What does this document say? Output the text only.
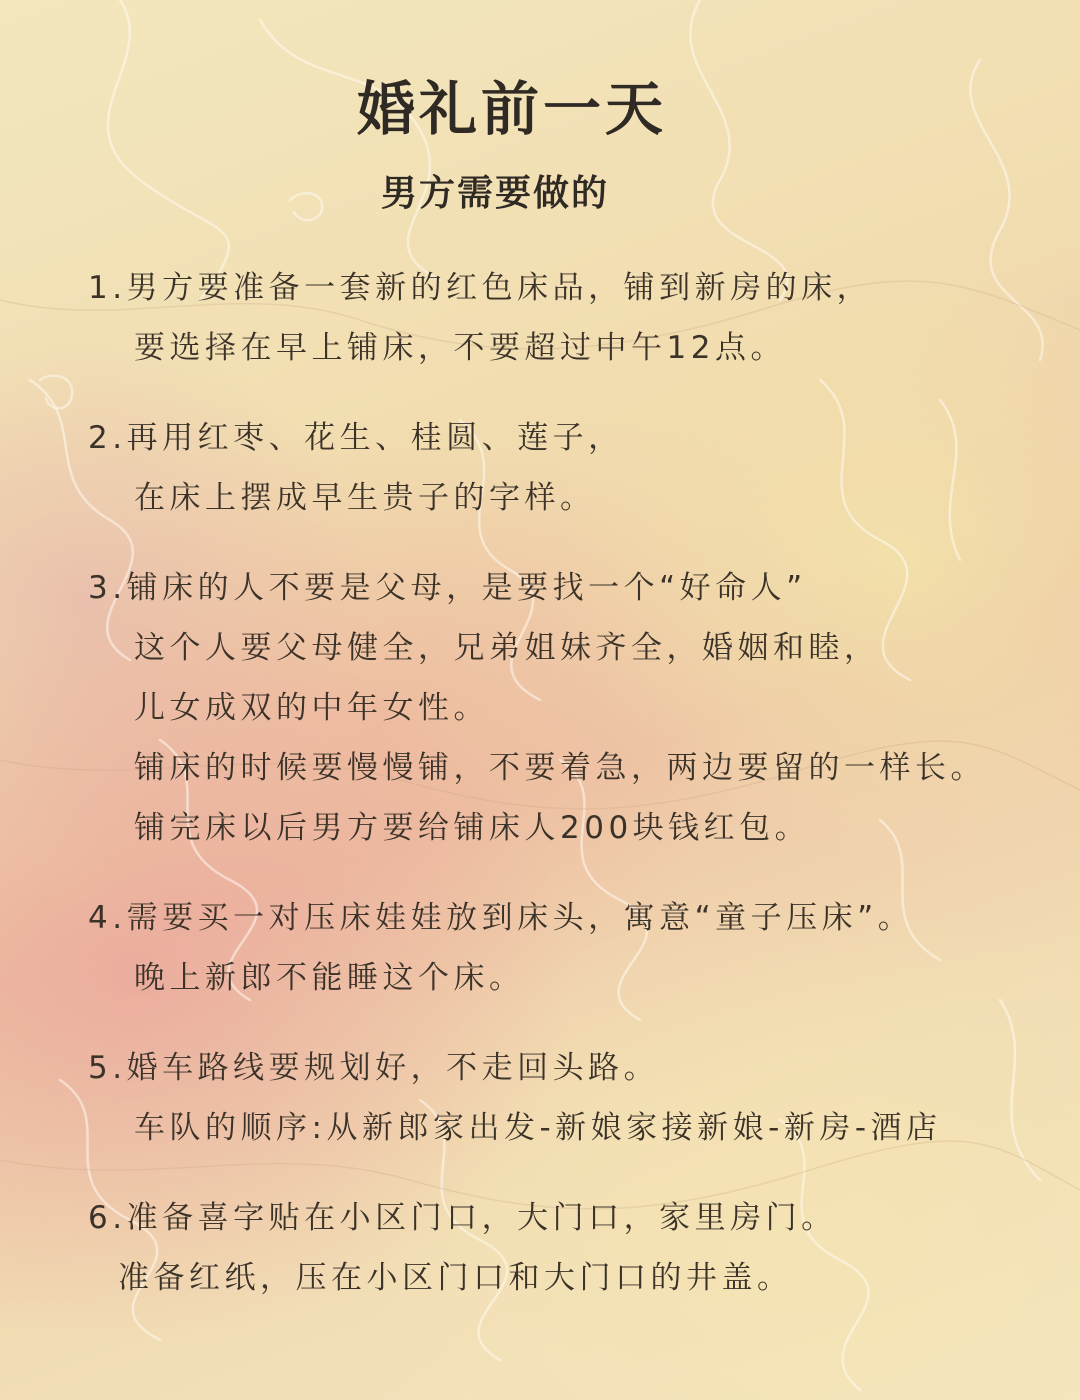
婚礼前一天
男方需要做的
1.男方要准备一套新的红色床品，铺到新房的床，
要选择在早上铺床，不要超过中午12点。
2.再用红枣、花生、桂圆、莲子，
在床上摆成早生贵子的字样。
3.铺床的人不要是父母，是要找一个“好命人”
这个人要父母健全，兄弟姐妹齐全，婚姻和睦，
儿女成双的中年女性。
铺床的时候要慢慢铺，不要着急，两边要留的一样长。
铺完床以后男方要给铺床人200块钱红包。
4.需要买一对压床娃娃放到床头，寓意“童子压床”。
晚上新郎不能睡这个床。
5.婚车路线要规划好，不走回头路。
车队的顺序:从新郎家出发-新娘家接新娘-新房-酒店
6.准备喜字贴在小区门口，大门口，家里房门。
准备红纸，压在小区门口和大门口的井盖。
